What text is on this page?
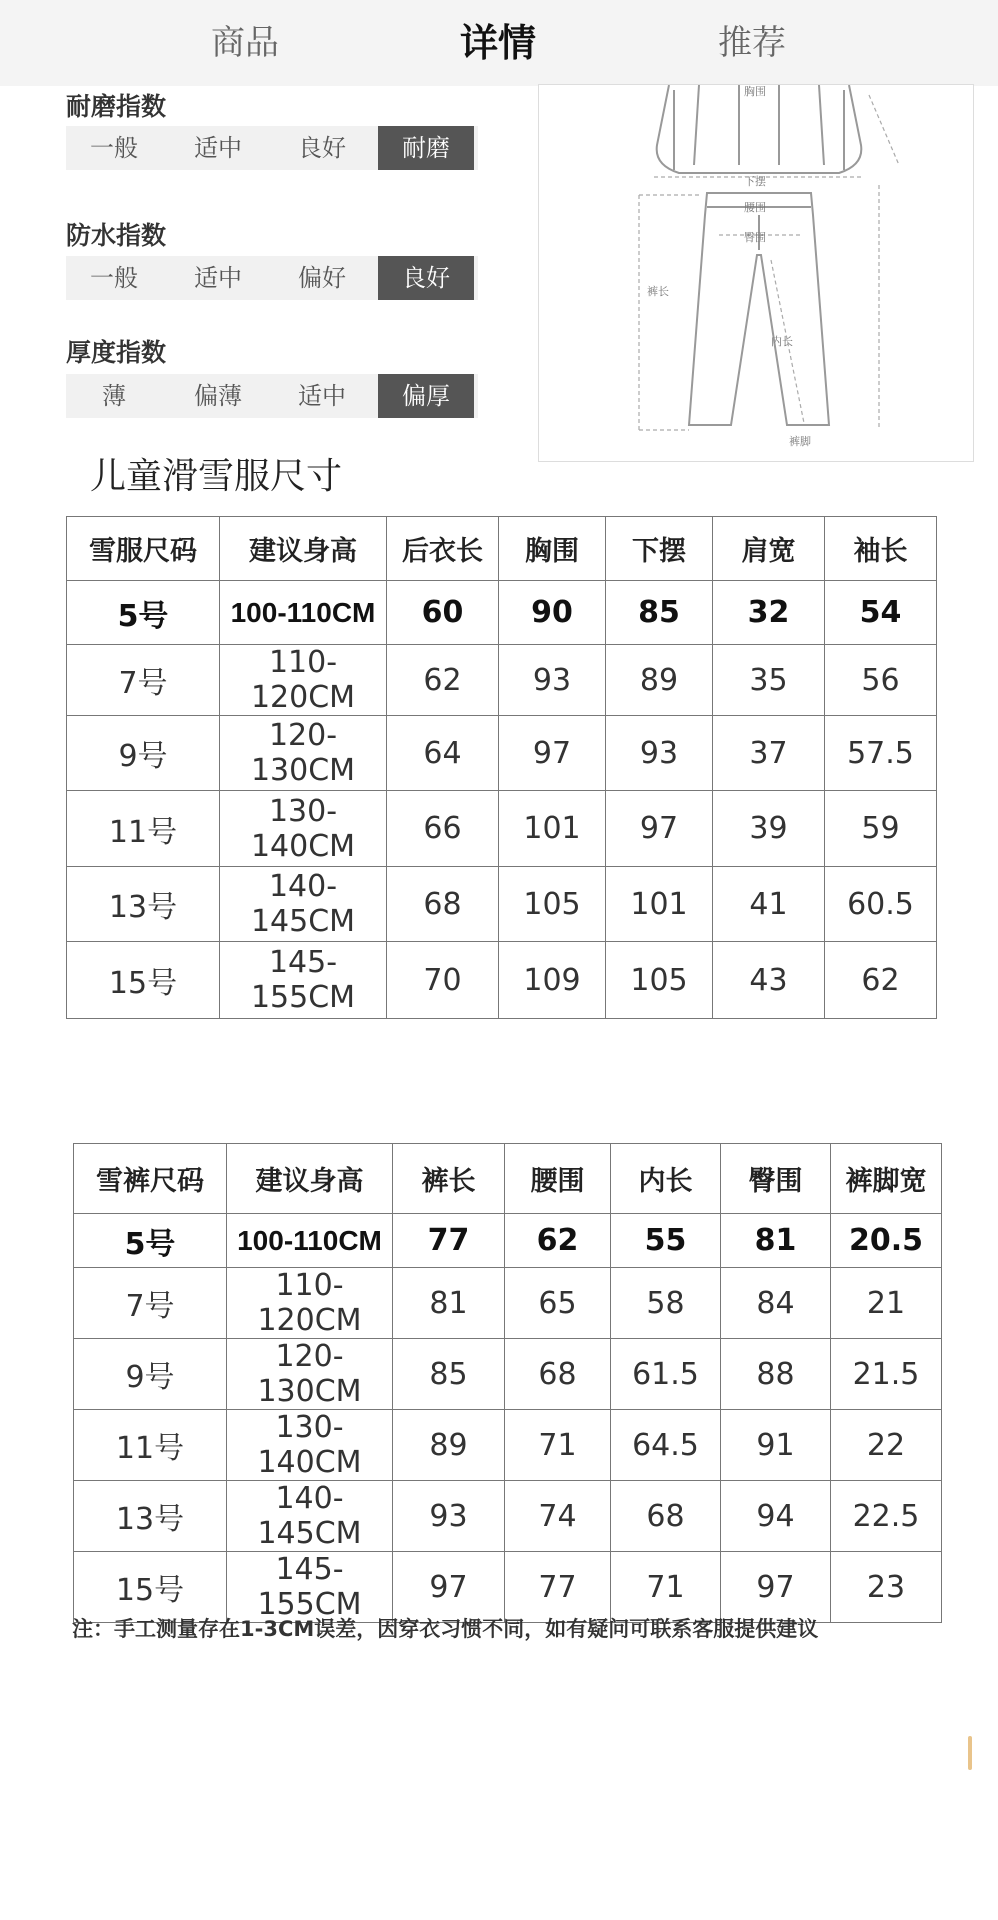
商品	详情	推荐
耐磨指数
一般	适中	良好	耐磨
防水指数
一般	适中	偏好	良好
厚度指数
薄	偏薄	适中	偏厚
胸围
下摆
腰围
臀围
裤长
内长
裤脚
儿童滑雪服尺寸
雪服尺码	建议身高	后衣长	胸围	下摆	肩宽	袖长
5号	100-110CM	60	90	85	32	54
7号	110-120CM	62	93	89	35	56
9号	120-130CM	64	97	93	37	57.5
11号	130-140CM	66	101	97	39	59
13号	140-145CM	68	105	101	41	60.5
15号	145-155CM	70	109	105	43	62
雪裤尺码	建议身高	裤长	腰围	内长	臀围	裤脚宽
5号	100-110CM	77	62	55	81	20.5
7号	110-120CM	81	65	58	84	21
9号	120-130CM	85	68	61.5	88	21.5
11号	130-140CM	89	71	64.5	91	22
13号	140-145CM	93	74	68	94	22.5
15号	145-155CM	97	77	71	97	23
注：手工测量存在1-3CM误差，因穿衣习惯不同，如有疑问可联系客服提供建议
